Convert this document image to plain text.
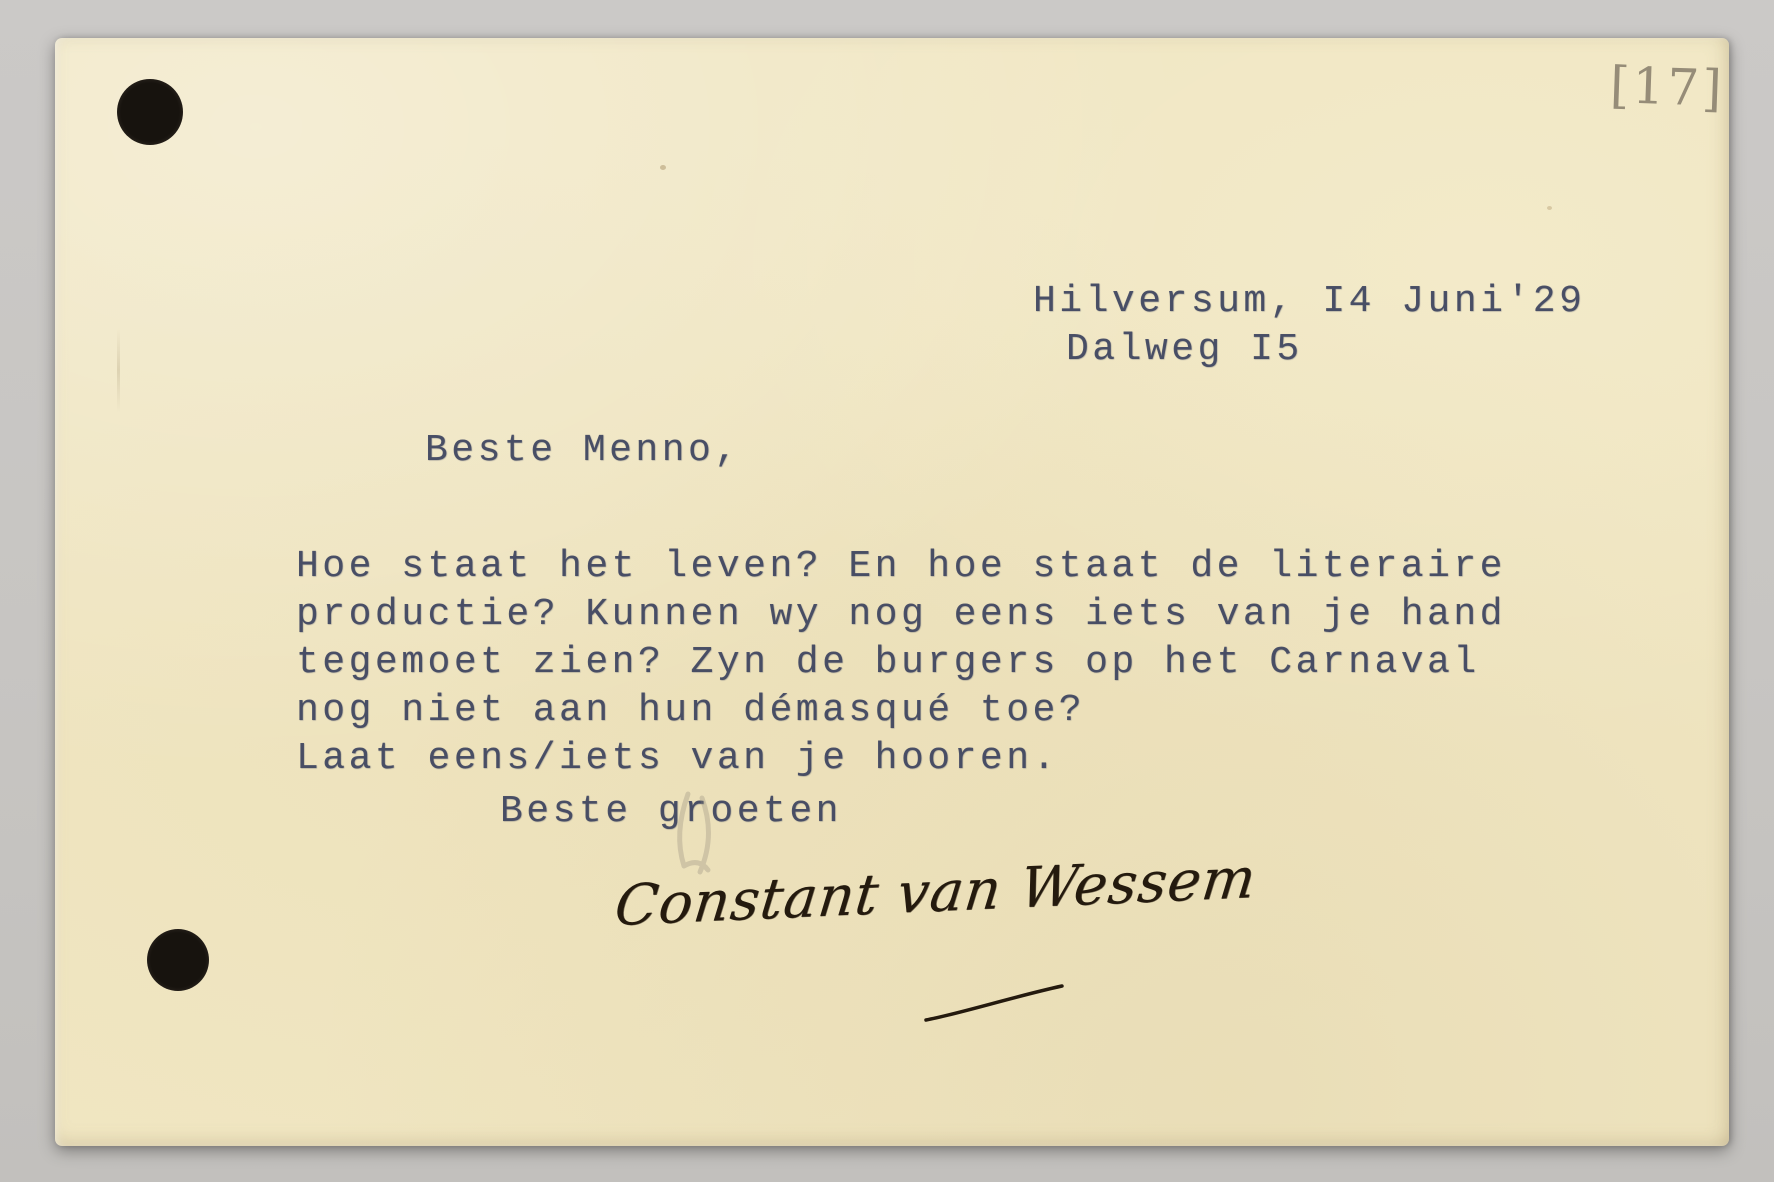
[17]
Hilversum, I4 Juni'29
Dalweg I5
Beste Menno,
Hoe staat het leven? En hoe staat de literaire
productie? Kunnen wy nog eens iets van je hand
tegemoet zien? Zyn de burgers op het Carnaval
nog niet aan hun démasqué toe?
Laat eens/iets van je hooren.
Beste groeten
Constant van Wessem
